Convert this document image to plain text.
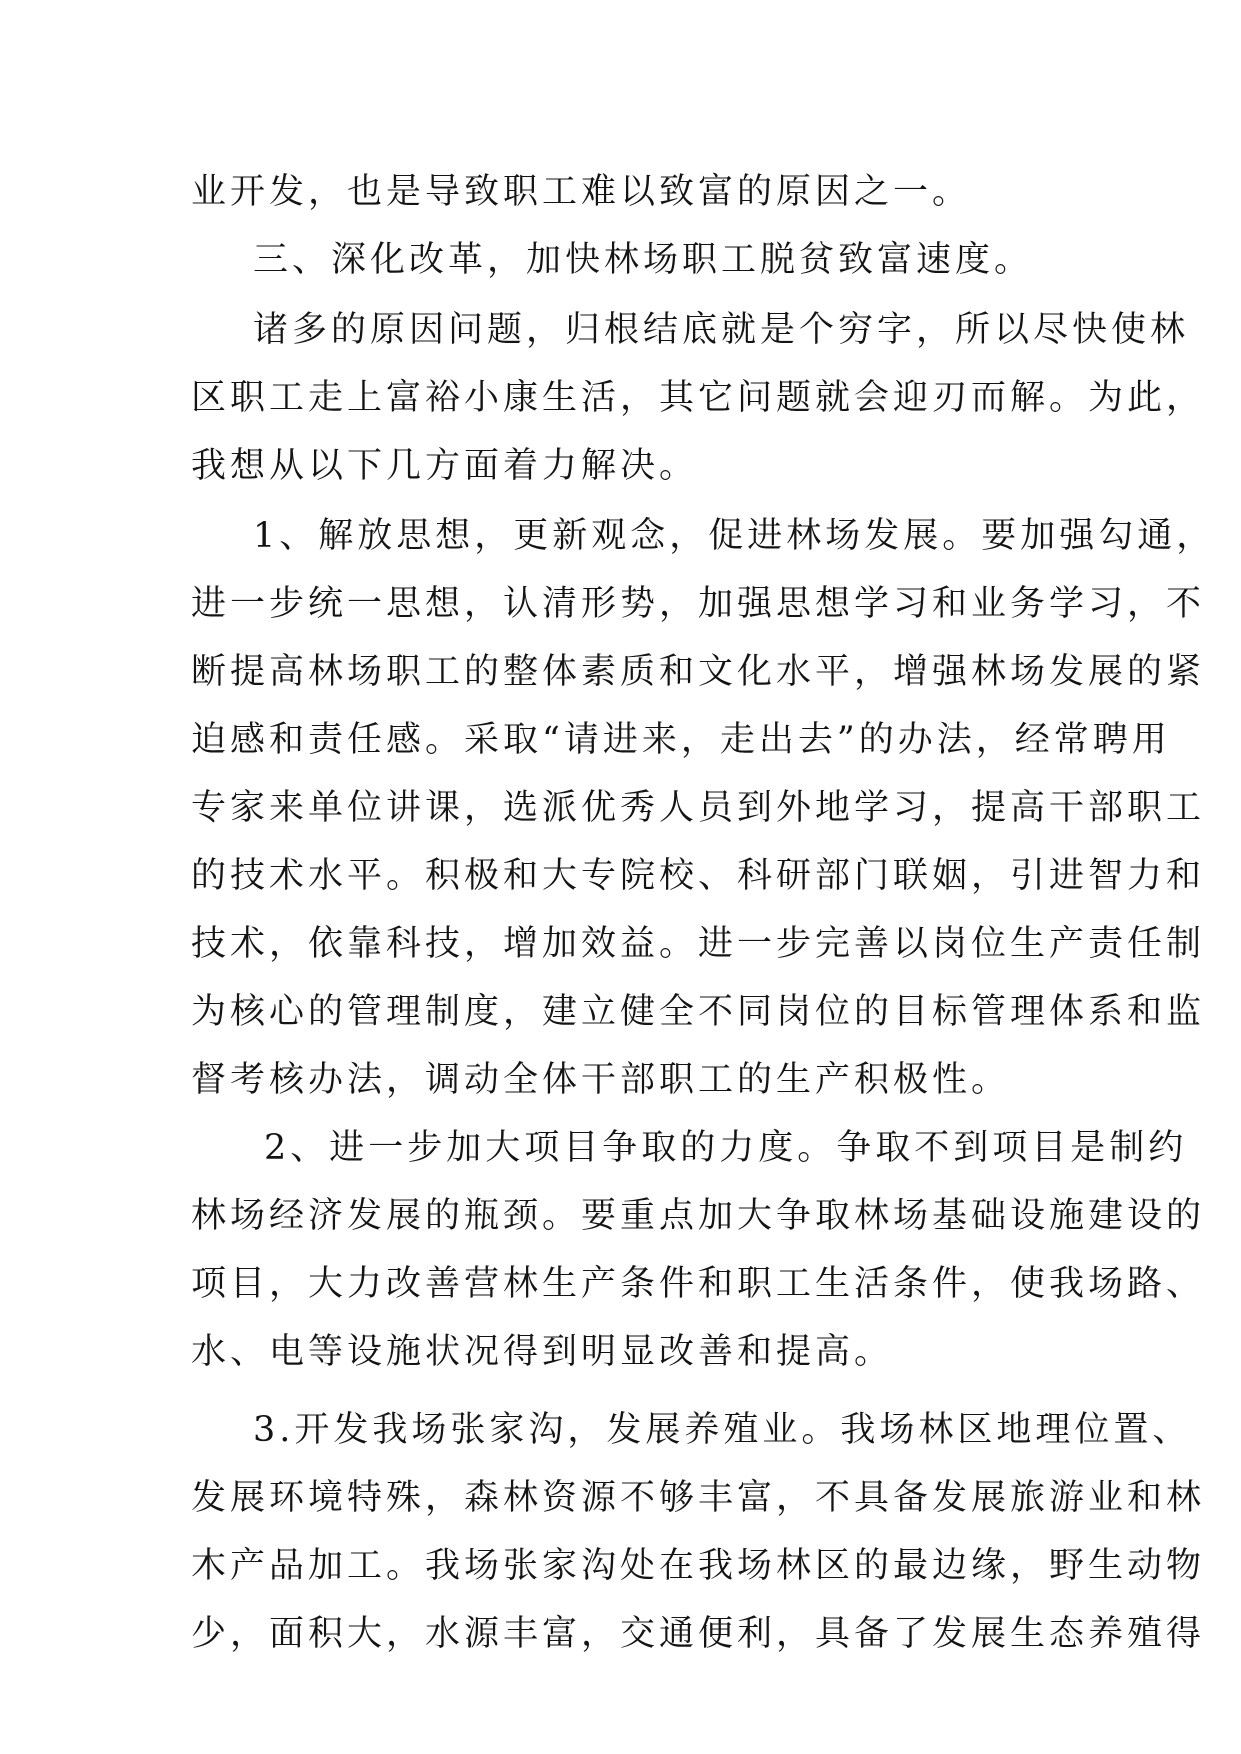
业开发，也是导致职工难以致富的原因之一。
三、深化改革，加快林场职工脱贫致富速度。
诸多的原因问题，归根结底就是个穷字，所以尽快使林
区职工走上富裕小康生活，其它问题就会迎刃而解。为此，
我想从以下几方面着力解决。
1、解放思想，更新观念，促进林场发展。要加强勾通，
进一步统一思想，认清形势，加强思想学习和业务学习，不
断提高林场职工的整体素质和文化水平，增强林场发展的紧
迫感和责任感。采取“请进来，走出去”的办法，经常聘用
专家来单位讲课，选派优秀人员到外地学习，提高干部职工
的技术水平。积极和大专院校、科研部门联姻，引进智力和
技术，依靠科技，增加效益。进一步完善以岗位生产责任制
为核心的管理制度，建立健全不同岗位的目标管理体系和监
督考核办法，调动全体干部职工的生产积极性。
2、进一步加大项目争取的力度。争取不到项目是制约
林场经济发展的瓶颈。要重点加大争取林场基础设施建设的
项目，大力改善营林生产条件和职工生活条件，使我场路、
水、电等设施状况得到明显改善和提高。
3.开发我场张家沟，发展养殖业。我场林区地理位置、
发展环境特殊，森林资源不够丰富，不具备发展旅游业和林
木产品加工。我场张家沟处在我场林区的最边缘，野生动物
少，面积大，水源丰富，交通便利，具备了发展生态养殖得
